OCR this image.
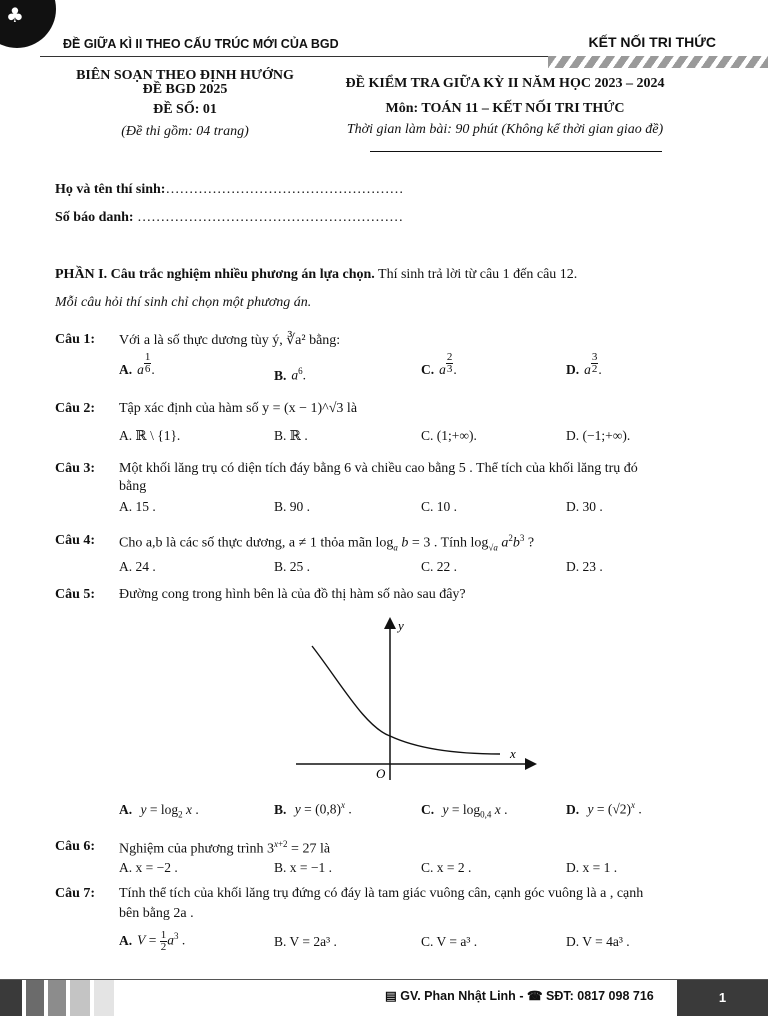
♣
ĐỀ GIỮA KÌ II THEO CẤU TRÚC MỚI CỦA BGD	KẾT NỐI TRI THỨC
BIÊN SOẠN THEO ĐỊNH HƯỚNG
ĐỀ BGD 2025
ĐỀ SỐ: 01
(Đề thi gồm: 04 trang)
ĐỀ KIỂM TRA GIỮA KỲ II NĂM HỌC 2023 – 2024
Môn: TOÁN 11 – KẾT NỐI TRI THỨC
Thời gian làm bài: 90 phút (Không kể thời gian giao đề)
Họ và tên thí sinh:……………………………………………
Số báo danh: …………………………………………………
PHẦN I. Câu trắc nghiệm nhiều phương án lựa chọn. Thí sinh trả lời từ câu 1 đến câu 12.
Mỗi câu hỏi thí sinh chỉ chọn một phương án.
Câu 1: Với a là số thực dương tùy ý, ∛a² bằng:
A. a $\frac{1}{6}$ .	B. $a^6$.	C. a $\frac{2}{3}$ .	D. a $\frac{3}{2}$ .
Câu 2: Tập xác định của hàm số y = (x − 1)^√3 là
A. ℝ \ {1}.	B. ℝ .	C. (1;+∞).	D. (−1;+∞).
Câu 3: Một khối lăng trụ có diện tích đáy bằng 6 và chiều cao bằng 5 . Thể tích của khối lăng trụ đó
bằng
A. 15 .	B. 90 .	C. 10 .	D. 30 .
Câu 4: Cho a,b là các số thực dương, a ≠ 1 thỏa mãn $\log_a b = 3$ . Tính $\log_{√a} a^2b^3$ ?
A. 24 .	B. 25 .	C. 22 .	D. 23 .
Câu 5: Đường cong trong hình bên là của đồ thị hàm số nào sau đây?
y
x
O
A. $y = \log_2 x$ .	B. $y = (0,8)^x$ .	C. $y = \log_{0,4} x$ .	D. $y = (√2)^x$ .
Câu 6: Nghiệm của phương trình $3^{x+2} = 27$ là
A. x = −2 .	B. x = −1 .	C. x = 2 .	D. x = 1 .
Câu 7: Tính thể tích của khối lăng trụ đứng có đáy là tam giác vuông cân, cạnh góc vuông là a , cạnh
bên bằng 2a .
A. $V = \frac{1}{2} a^3$ .	B. V = 2a³ .	C. V = a³ .	D. V = 4a³ .
▤ GV. Phan Nhật Linh - ☎ SĐT: 0817 098 716	1
